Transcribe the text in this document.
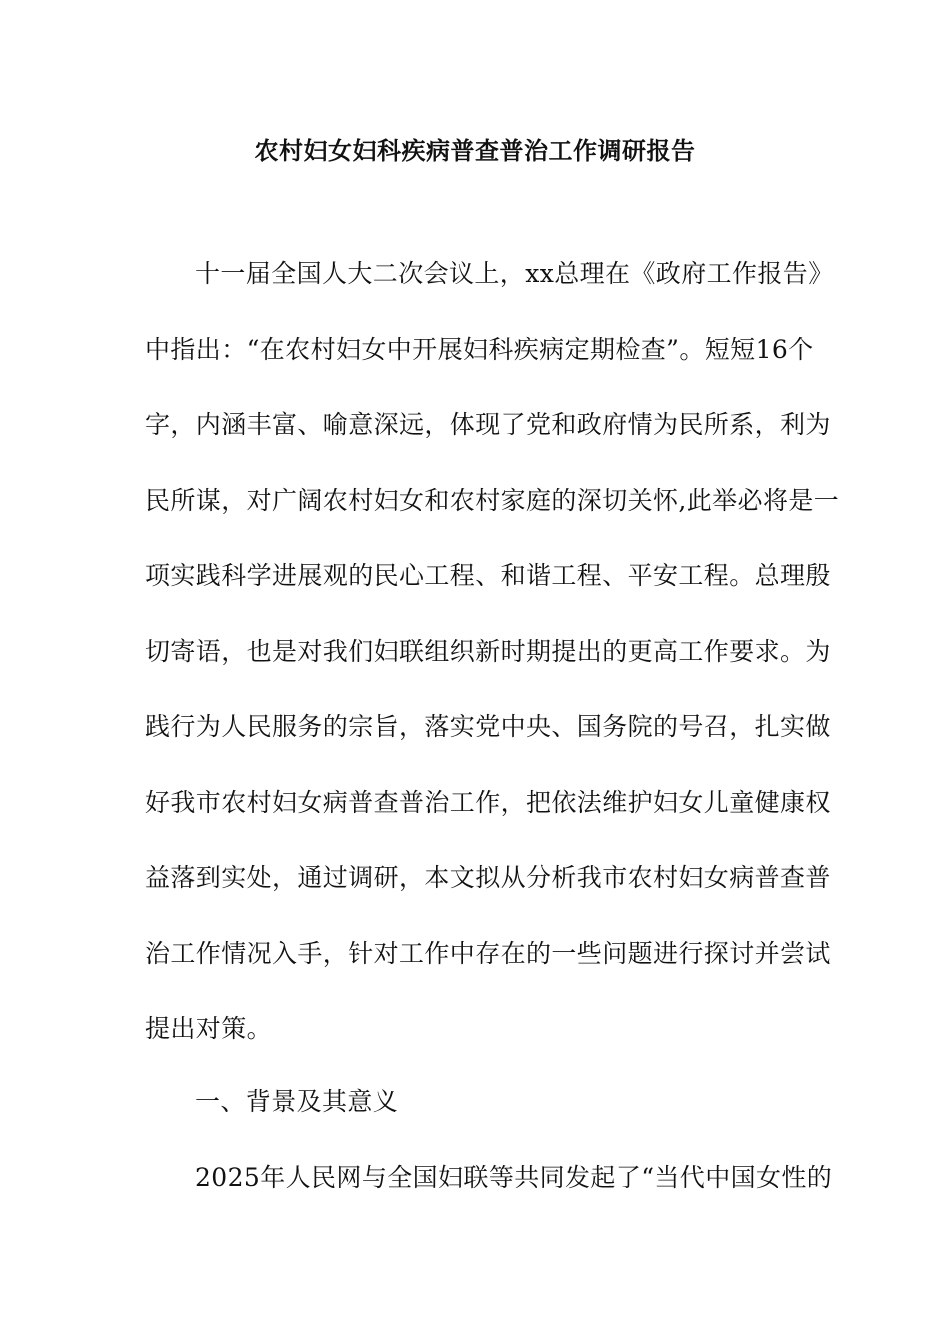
农村妇女妇科疾病普查普治工作调研报告
十一届全国人大二次会议上，xx总理在《政府工作报告》
中指出：“在农村妇女中开展妇科疾病定期检查”。短短16个
字，内涵丰富、喻意深远，体现了党和政府情为民所系，利为
民所谋，对广阔农村妇女和农村家庭的深切关怀,此举必将是一
项实践科学进展观的民心工程、和谐工程、平安工程。总理殷
切寄语，也是对我们妇联组织新时期提出的更高工作要求。为
践行为人民服务的宗旨，落实党中央、国务院的号召，扎实做
好我市农村妇女病普查普治工作，把依法维护妇女儿童健康权
益落到实处，通过调研，本文拟从分析我市农村妇女病普查普
治工作情况入手，针对工作中存在的一些问题进行探讨并尝试
提出对策。
一、背景及其意义
2025年人民网与全国妇联等共同发起了“当代中国女性的
